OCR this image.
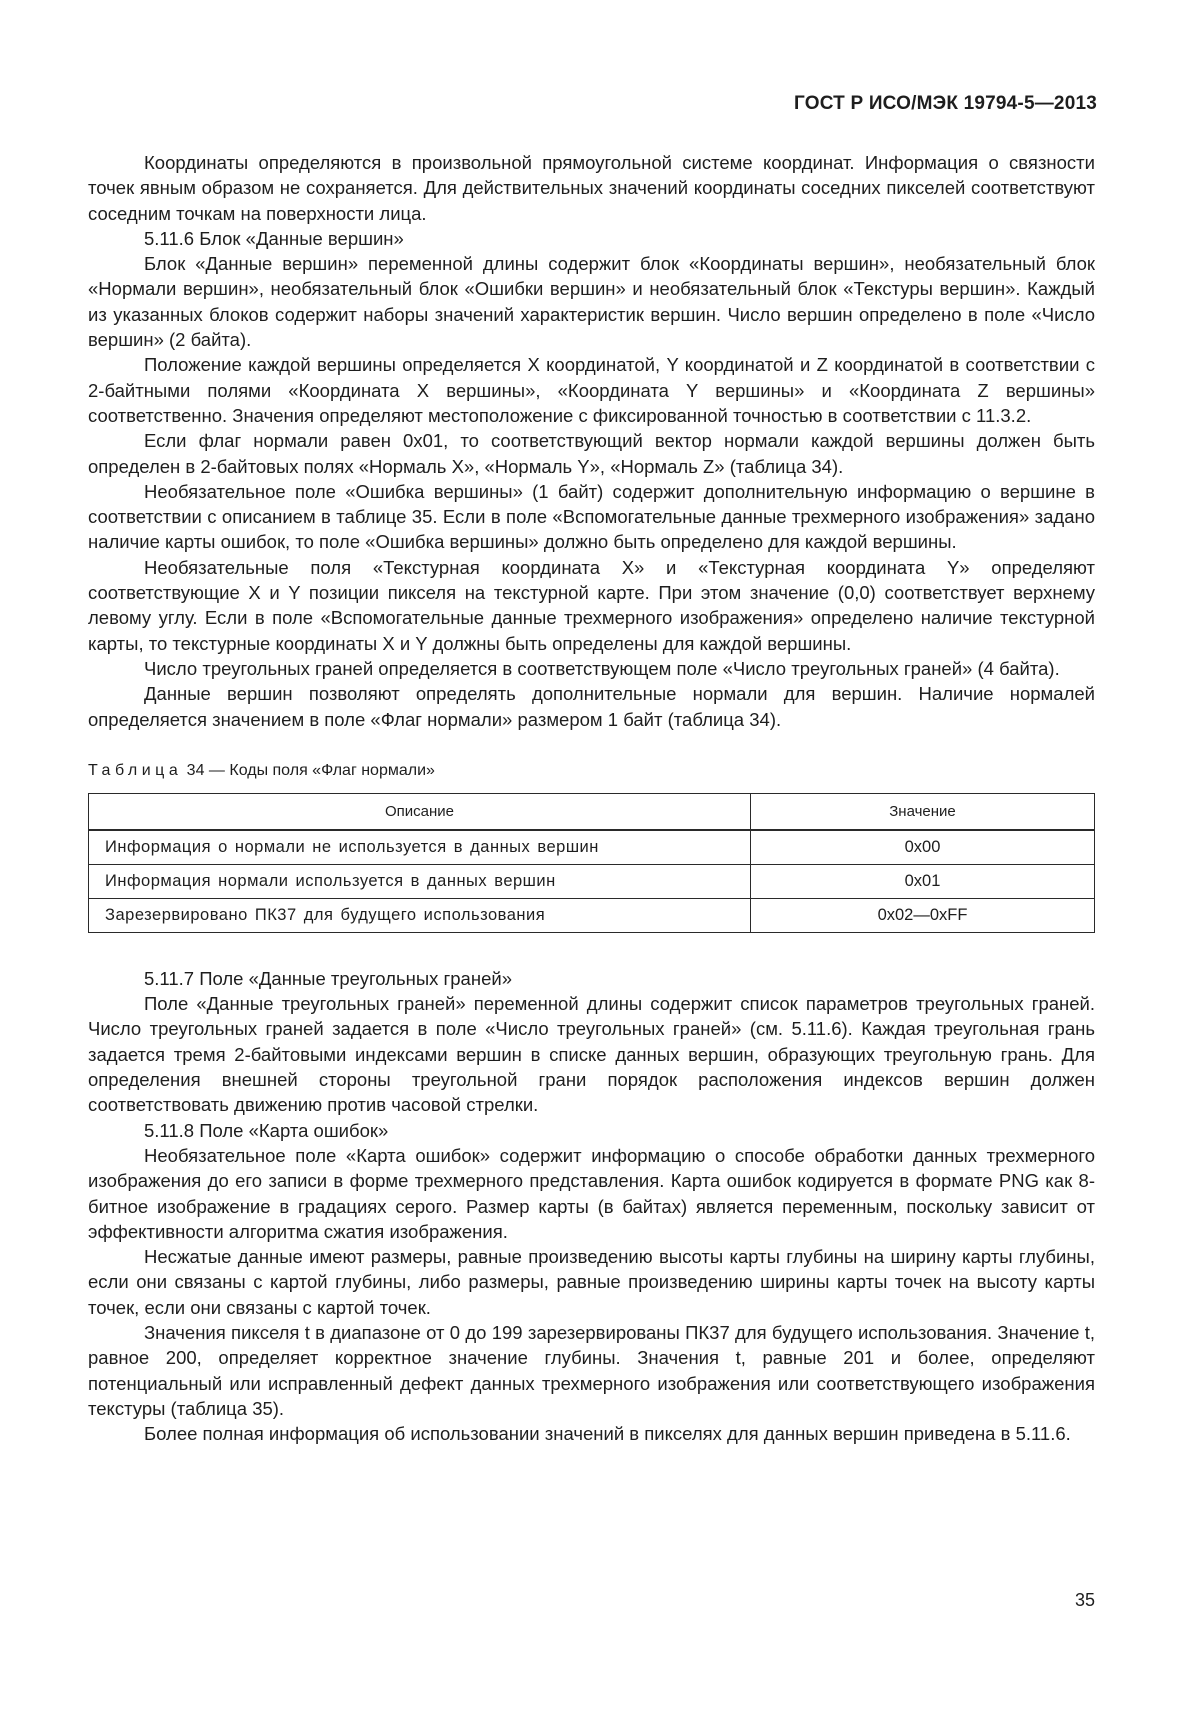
ГОСТ Р ИСО/МЭК 19794-5—2013

Координаты определяются в произвольной прямоугольной системе координат. Информация о связности точек явным образом не сохраняется. Для действительных значений координаты соседних пикселей соответствуют соседним точкам на поверхности лица.

5.11.6 Блок «Данные вершин»

Блок «Данные вершин» переменной длины содержит блок «Координаты вершин», необязательный блок «Нормали вершин», необязательный блок «Ошибки вершин» и необязательный блок «Текстуры вершин». Каждый из указанных блоков содержит наборы значений характеристик вершин. Число вершин определено в поле «Число вершин» (2 байта).

Положение каждой вершины определяется X координатой, Y координатой и Z координатой в соответствии с 2-байтными полями «Координата X вершины», «Координата Y вершины» и «Координата Z вершины» соответственно. Значения определяют местоположение с фиксированной точностью в соответствии с 11.3.2.

Если флаг нормали равен 0x01, то соответствующий вектор нормали каждой вершины должен быть определен в 2-байтовых полях «Нормаль X», «Нормаль Y», «Нормаль Z» (таблица 34).

Необязательное поле «Ошибка вершины» (1 байт) содержит дополнительную информацию о вершине в соответствии с описанием в таблице 35. Если в поле «Вспомогательные данные трехмерного изображения» задано наличие карты ошибок, то поле «Ошибка вершины» должно быть определено для каждой вершины.

Необязательные поля «Текстурная координата X» и «Текстурная координата Y» определяют соответствующие X и Y позиции пикселя на текстурной карте. При этом значение (0,0) соответствует верхнему левому углу. Если в поле «Вспомогательные данные трехмерного изображения» определено наличие текстурной карты, то текстурные координаты X и Y должны быть определены для каждой вершины.

Число треугольных граней определяется в соответствующем поле «Число треугольных граней» (4 байта).

Данные вершин позволяют определять дополнительные нормали для вершин. Наличие нормалей определяется значением в поле «Флаг нормали» размером 1 байт (таблица 34).

Таблица 34 — Коды поля «Флаг нормали»
Описание	Значение
Информация о нормали не используется в данных вершин	0x00
Информация нормали используется в данных вершин	0x01
Зарезервировано ПК37 для будущего использования	0x02—0xFF

5.11.7 Поле «Данные треугольных граней»

Поле «Данные треугольных граней» переменной длины содержит список параметров треугольных граней. Число треугольных граней задается в поле «Число треугольных граней» (см. 5.11.6). Каждая треугольная грань задается тремя 2-байтовыми индексами вершин в списке данных вершин, образующих треугольную грань. Для определения внешней стороны треугольной грани порядок расположения индексов вершин должен соответствовать движению против часовой стрелки.

5.11.8 Поле «Карта ошибок»

Необязательное поле «Карта ошибок» содержит информацию о способе обработки данных трехмерного изображения до его записи в форме трехмерного представления. Карта ошибок кодируется в формате PNG как 8-битное изображение в градациях серого. Размер карты (в байтах) является переменным, поскольку зависит от эффективности алгоритма сжатия изображения.

Несжатые данные имеют размеры, равные произведению высоты карты глубины на ширину карты глубины, если они связаны с картой глубины, либо размеры, равные произведению ширины карты точек на высоту карты точек, если они связаны с картой точек.

Значения пикселя t в диапазоне от 0 до 199 зарезервированы ПК37 для будущего использования. Значение t, равное 200, определяет корректное значение глубины. Значения t, равные 201 и более, определяют потенциальный или исправленный дефект данных трехмерного изображения или соответствующего изображения текстуры (таблица 35).

Более полная информация об использовании значений в пикселях для данных вершин приведена в 5.11.6.

35
